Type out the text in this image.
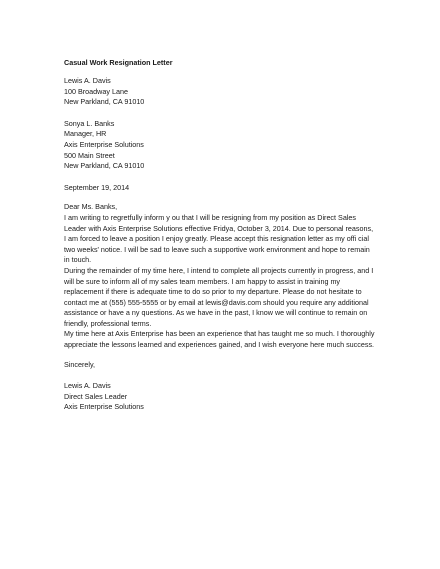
Casual Work Resignation Letter
Lewis A. Davis
100 Broadway Lane
New Parkland, CA 91010
Sonya L. Banks
Manager, HR
Axis Enterprise Solutions
500 Main Street
New Parkland, CA 91010
September 19, 2014
Dear Ms. Banks,
I am writing to regretfully inform y ou that I will be resigning from my position as Direct Sales
Leader with Axis Enterprise Solutions effective Fridya, October 3, 2014. Due to personal reasons,
I am forced to leave a position I enjoy greatly. Please accept this resignation letter as my offi cial
two weeks' notice. I will be sad to leave such a supportive work environment and hope to remain
in touch.
During the remainder of my time here, I intend to complete all projects currently in progress, and I
will be sure to inform all of my sales team members. I am happy to assist in training my
replacement if there is adequate time to do so prior to my departure. Please do not hesitate to
contact me at (555) 555-5555 or by email at lewis@davis.com should you require any additional
assistance or have a ny questions. As we have in the past, I know we will continue to remain on
friendly, professional terms.
My time here at Axis Enterprise has been an experience that has taught me so much. I thoroughly
appreciate the lessons learned and experiences gained, and I wish everyone here much success.
Sincerely,
Lewis A. Davis
Direct Sales Leader
Axis Enterprise Solutions
